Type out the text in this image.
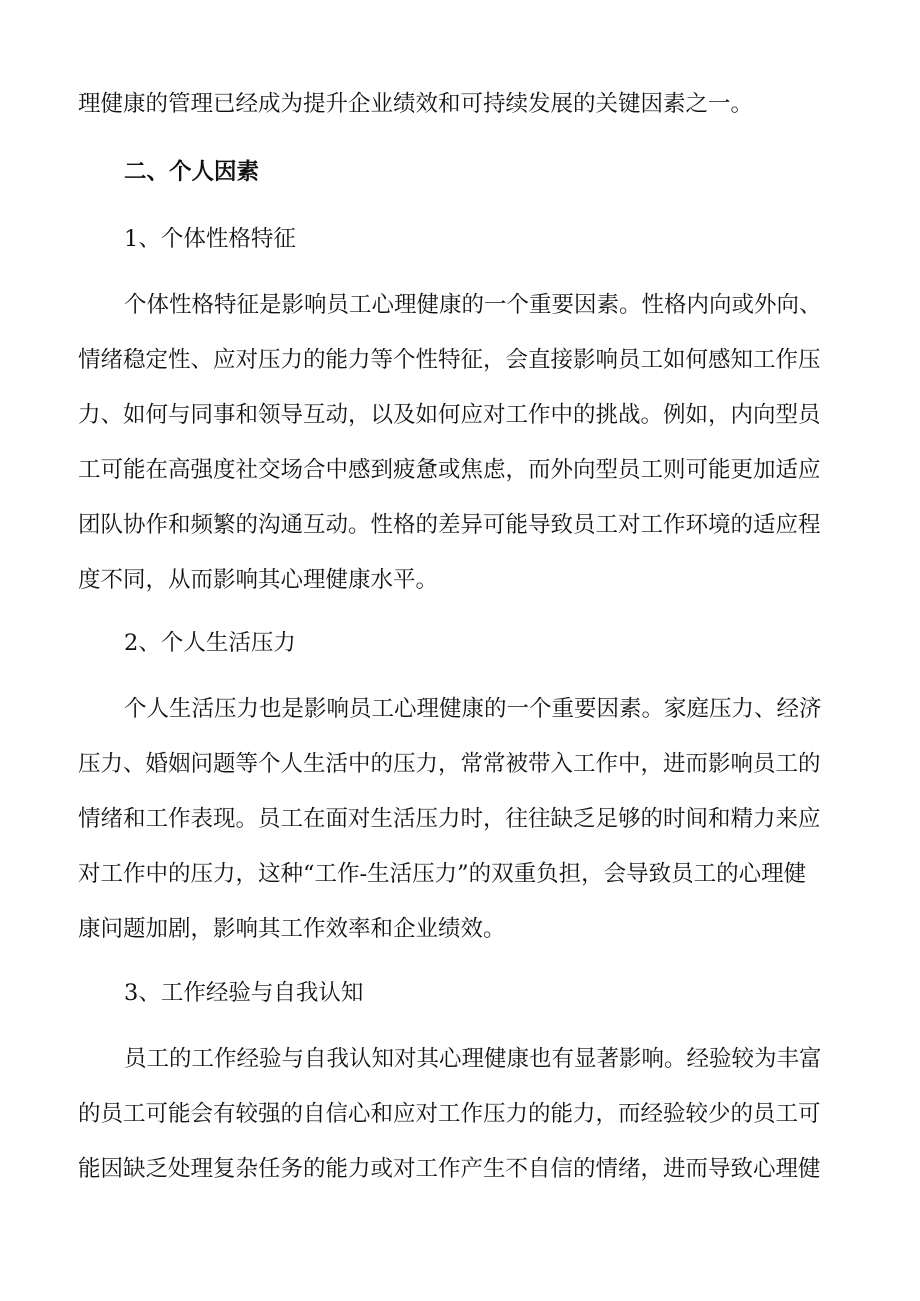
理健康的管理已经成为提升企业绩效和可持续发展的关键因素之一。
二、个人因素
1、个体性格特征
个体性格特征是影响员工心理健康的一个重要因素。性格内向或外向、
情绪稳定性、应对压力的能力等个性特征，会直接影响员工如何感知工作压
力、如何与同事和领导互动，以及如何应对工作中的挑战。例如，内向型员
工可能在高强度社交场合中感到疲惫或焦虑，而外向型员工则可能更加适应
团队协作和频繁的沟通互动。性格的差异可能导致员工对工作环境的适应程
度不同，从而影响其心理健康水平。
2、个人生活压力
个人生活压力也是影响员工心理健康的一个重要因素。家庭压力、经济
压力、婚姻问题等个人生活中的压力，常常被带入工作中，进而影响员工的
情绪和工作表现。员工在面对生活压力时，往往缺乏足够的时间和精力来应
对工作中的压力，这种“工作-生活压力”的双重负担，会导致员工的心理健
康问题加剧，影响其工作效率和企业绩效。
3、工作经验与自我认知
员工的工作经验与自我认知对其心理健康也有显著影响。经验较为丰富
的员工可能会有较强的自信心和应对工作压力的能力，而经验较少的员工可
能因缺乏处理复杂任务的能力或对工作产生不自信的情绪，进而导致心理健
